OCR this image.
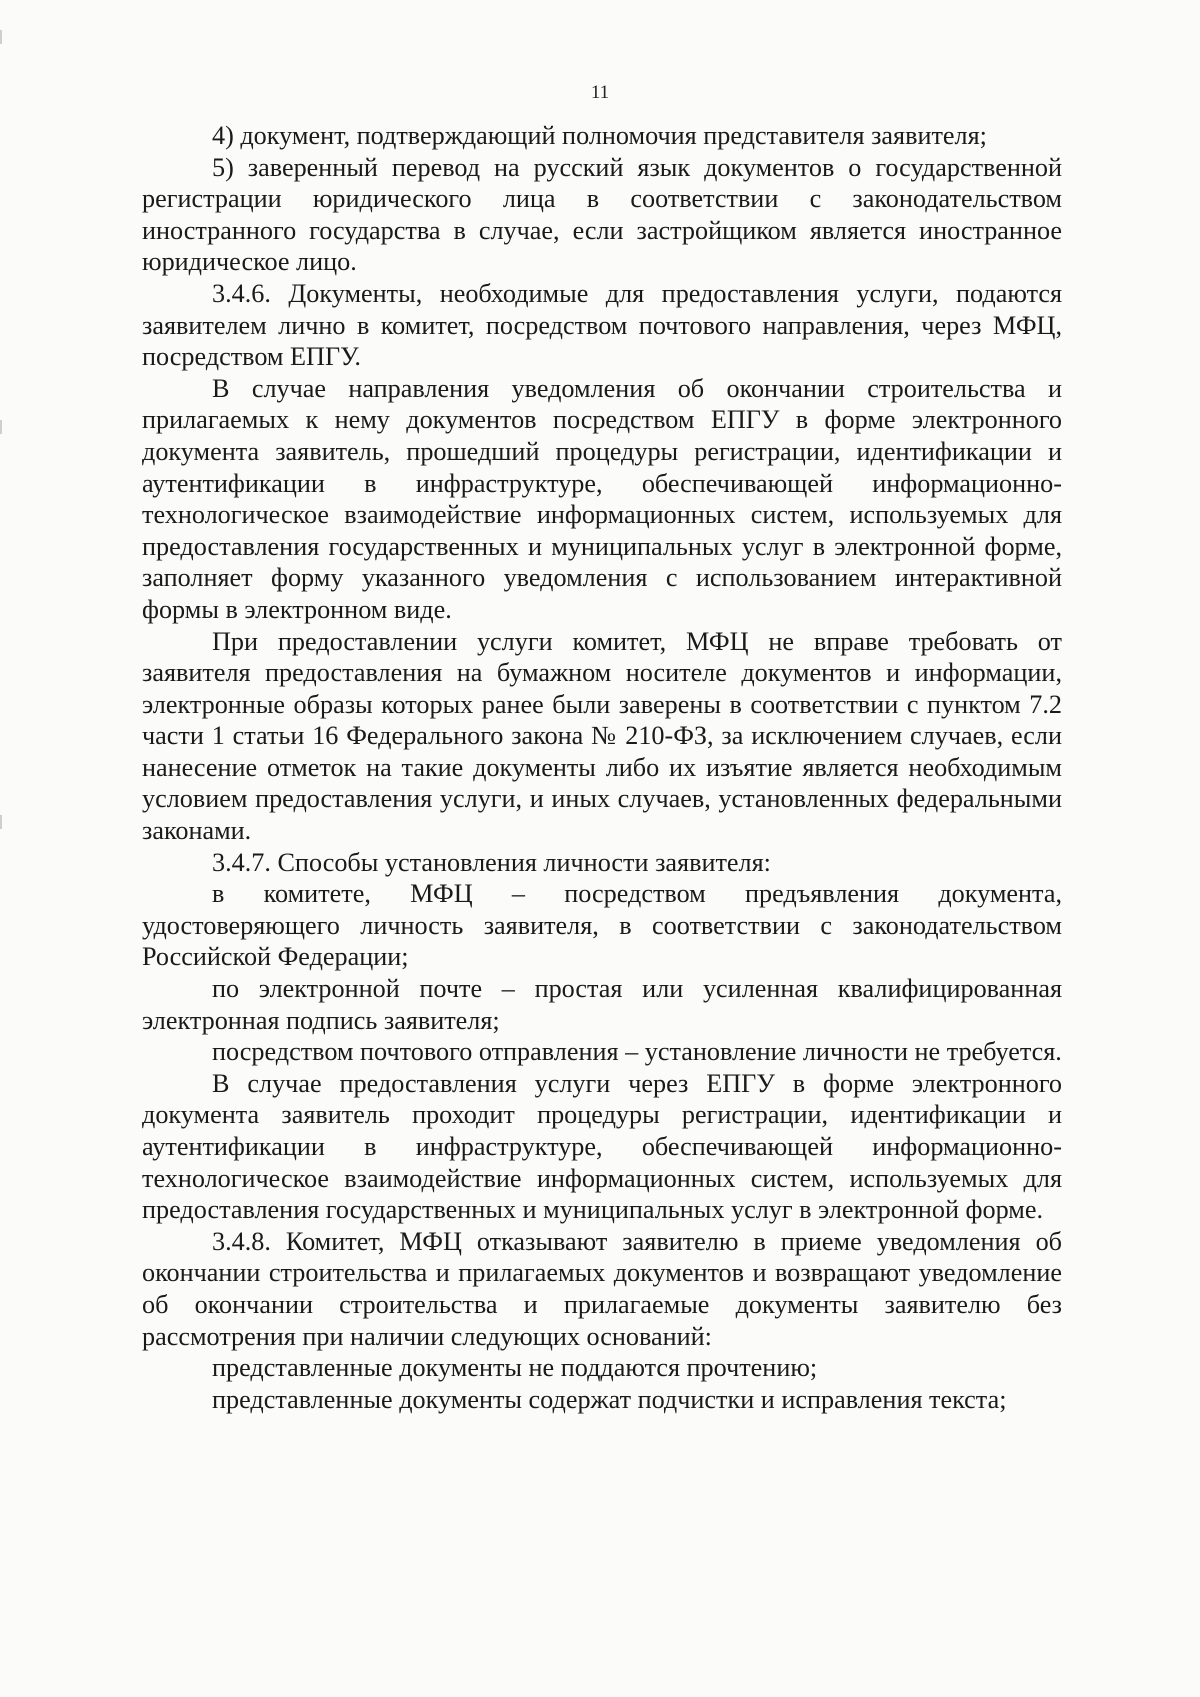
11

4) документ, подтверждающий полномочия представителя заявителя;

5) заверенный перевод на русский язык документов о государственной регистрации юридического лица в соответствии с законодательством иностранного государства в случае, если застройщиком является иностранное юридическое лицо.

3.4.6. Документы, необходимые для предоставления услуги, подаются заявителем лично в комитет, посредством почтового направления, через МФЦ, посредством ЕПГУ.

В случае направления уведомления об окончании строительства и прилагаемых к нему документов посредством ЕПГУ в форме электронного документа заявитель, прошедший процедуры регистрации, идентификации и аутентификации в инфраструктуре, обеспечивающей информационно-технологическое взаимодействие информационных систем, используемых для предоставления государственных и муниципальных услуг в электронной форме, заполняет форму указанного уведомления с использованием интерактивной формы в электронном виде.

При предоставлении услуги комитет, МФЦ не вправе требовать от заявителя предоставления на бумажном носителе документов и информации, электронные образы которых ранее были заверены в соответствии с пунктом 7.2 части 1 статьи 16 Федерального закона № 210-ФЗ, за исключением случаев, если нанесение отметок на такие документы либо их изъятие является необходимым условием предоставления услуги, и иных случаев, установленных федеральными законами.

3.4.7. Способы установления личности заявителя:

в комитете, МФЦ – посредством предъявления документа, удостоверяющего личность заявителя, в соответствии с законодательством Российской Федерации;

по электронной почте – простая или усиленная квалифицированная электронная подпись заявителя;

посредством почтового отправления – установление личности не требуется.

В случае предоставления услуги через ЕПГУ в форме электронного документа заявитель проходит процедуры регистрации, идентификации и аутентификации в инфраструктуре, обеспечивающей информационно-технологическое взаимодействие информационных систем, используемых для предоставления государственных и муниципальных услуг в электронной форме.

3.4.8. Комитет, МФЦ отказывают заявителю в приеме уведомления об окончании строительства и прилагаемых документов и возвращают уведомление об окончании строительства и прилагаемые документы заявителю без рассмотрения при наличии следующих оснований:

представленные документы не поддаются прочтению;

представленные документы содержат подчистки и исправления текста;
